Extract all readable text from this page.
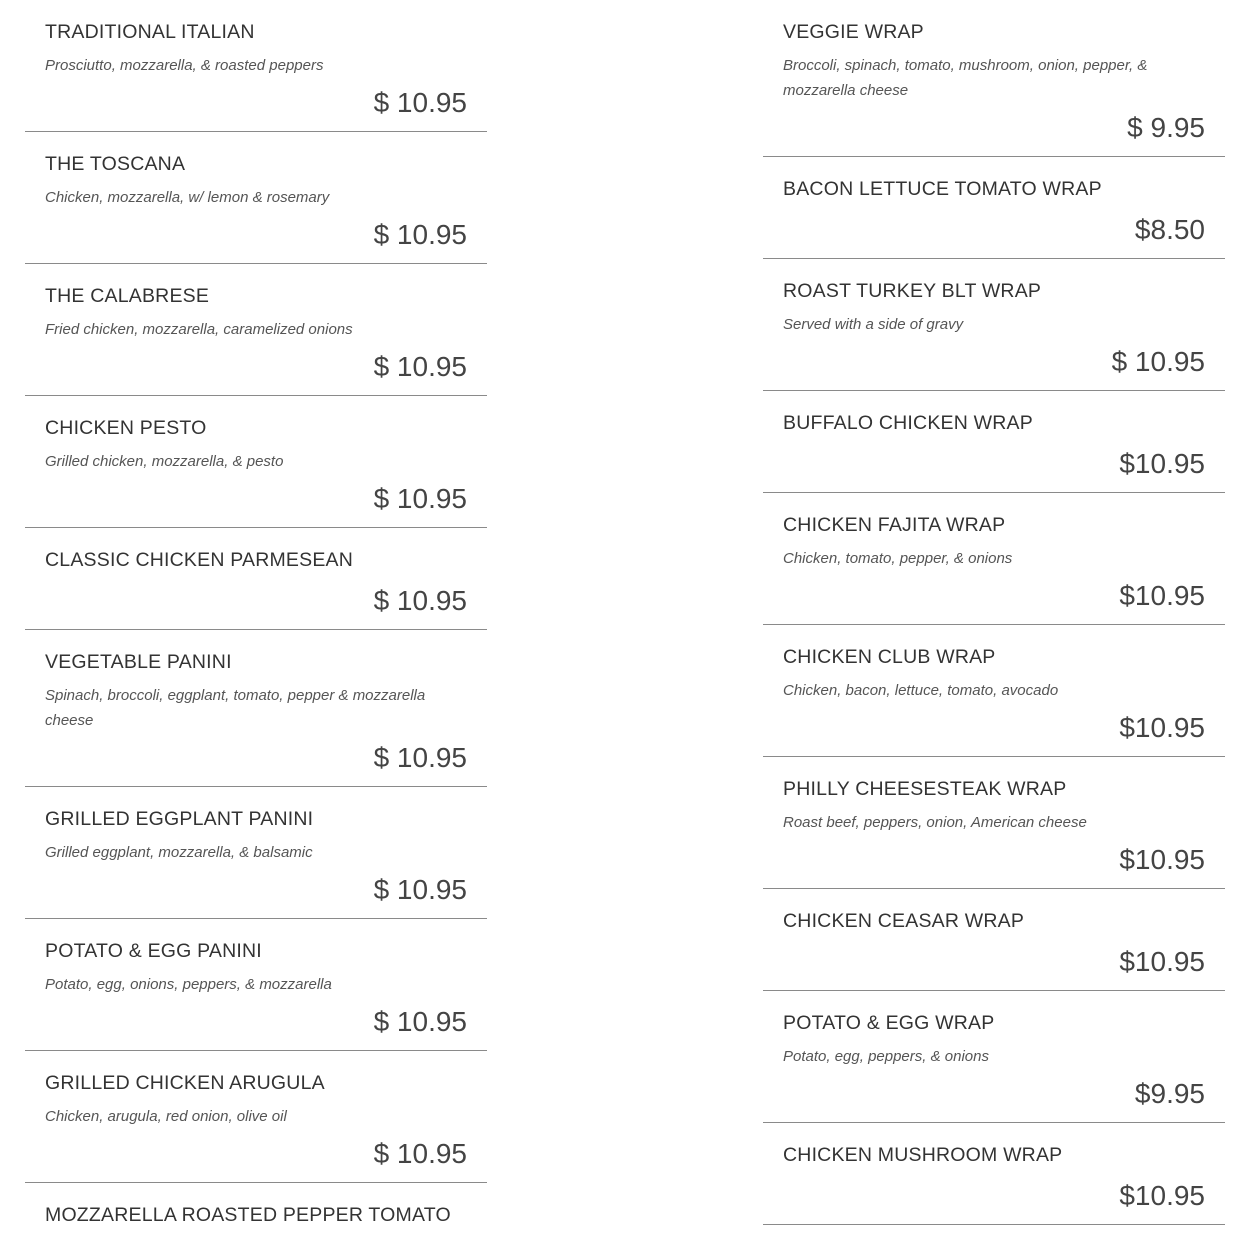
TRADITIONAL ITALIAN
Prosciutto, mozzarella, & roasted peppers
$ 10.95
THE TOSCANA
Chicken, mozzarella, w/ lemon & rosemary
$ 10.95
THE CALABRESE
Fried chicken, mozzarella, caramelized onions
$ 10.95
CHICKEN PESTO
Grilled chicken, mozzarella, & pesto
$ 10.95
CLASSIC CHICKEN PARMESEAN
$ 10.95
VEGETABLE PANINI
Spinach, broccoli, eggplant, tomato, pepper & mozzarella cheese
$ 10.95
GRILLED EGGPLANT PANINI
Grilled eggplant, mozzarella, & balsamic
$ 10.95
POTATO & EGG PANINI
Potato, egg, onions, peppers, & mozzarella
$ 10.95
GRILLED CHICKEN ARUGULA
Chicken, arugula, red onion, olive oil
$ 10.95
MOZZARELLA ROASTED PEPPER TOMATO
VEGGIE WRAP
Broccoli, spinach, tomato, mushroom, onion, pepper, & mozzarella cheese
$ 9.95
BACON LETTUCE TOMATO WRAP
$8.50
ROAST TURKEY BLT WRAP
Served with a side of gravy
$ 10.95
BUFFALO CHICKEN WRAP
$10.95
CHICKEN FAJITA WRAP
Chicken, tomato, pepper, & onions
$10.95
CHICKEN CLUB WRAP
Chicken, bacon, lettuce, tomato, avocado
$10.95
PHILLY CHEESESTEAK WRAP
Roast beef, peppers, onion, American cheese
$10.95
CHICKEN CEASAR WRAP
$10.95
POTATO & EGG WRAP
Potato, egg, peppers, & onions
$9.95
CHICKEN MUSHROOM WRAP
$10.95
